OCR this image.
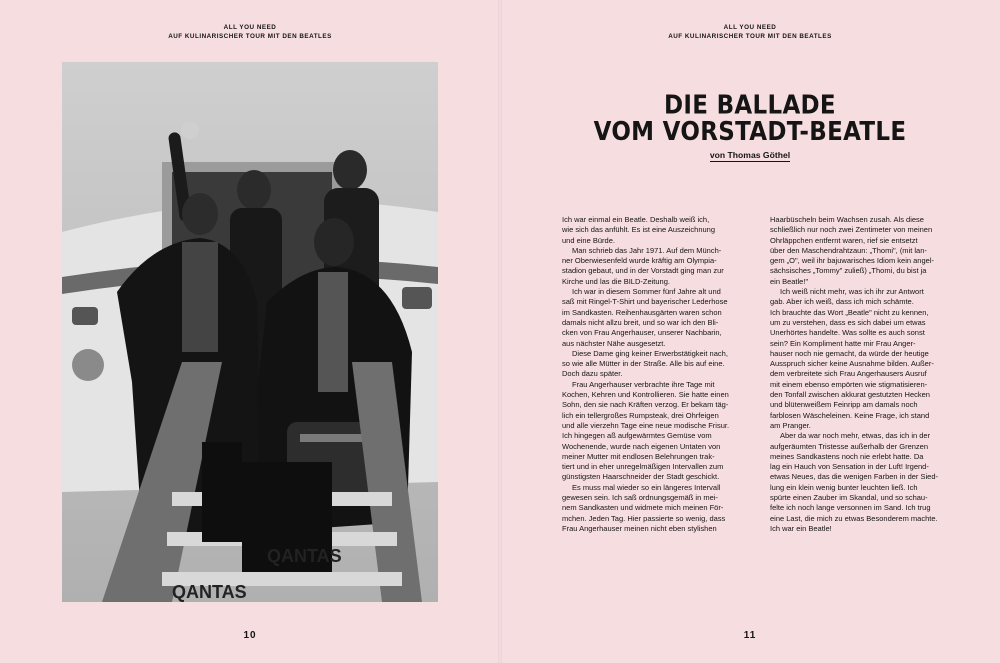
ALL YOU NEED
AUF KULINARISCHER TOUR MIT DEN BEATLES
QANTAS
QANTAS
10
ALL YOU NEED
AUF KULINARISCHER TOUR MIT DEN BEATLES
DIE BALLADE
VOM VORSTADT-BEATLE
von Thomas Göthel
11
Ich war einmal ein Beatle. Deshalb weiß ich,
wie sich das anfühlt. Es ist eine Auszeichnung
und eine Bürde.
Man schrieb das Jahr 1971. Auf dem Münch-
ner Oberwiesenfeld wurde kräftig am Olympia-
stadion gebaut, und in der Vorstadt ging man zur
Kirche und las die BILD-Zeitung.
Ich war in diesem Sommer fünf Jahre alt und
saß mit Ringel-T-Shirt und bayerischer Lederhose
im Sandkasten. Reihenhausgärten waren schon
damals nicht allzu breit, und so war ich den Bli-
cken von Frau Angerhauser, unserer Nachbarin,
aus nächster Nähe ausgesetzt.
Diese Dame ging keiner Erwerbstätigkeit nach,
so wie alle Mütter in der Straße. Alle bis auf eine.
Doch dazu später.
Frau Angerhauser verbrachte ihre Tage mit
Kochen, Kehren und Kontrollieren. Sie hatte einen
Sohn, den sie nach Kräften verzog. Er bekam täg-
lich ein tellergroßes Rumpsteak, drei Ohrfeigen
und alle vierzehn Tage eine neue modische Frisur.
Ich hingegen aß aufgewärmtes Gemüse vom
Wochenende, wurde nach eigenen Untaten von
meiner Mutter mit endlosen Belehrungen trak-
tiert und in eher unregelmäßigen Intervallen zum
günstigsten Haarschneider der Stadt geschickt.
Es muss mal wieder so ein längeres Intervall
gewesen sein. Ich saß ordnungsgemäß in mei-
nem Sandkasten und widmete mich meinen För-
mchen. Jeden Tag. Hier passierte so wenig, dass
Frau Angerhauser meinen nicht eben stylishen
Haarbüscheln beim Wachsen zusah. Als diese
schließlich nur noch zwei Zentimeter von meinen
Ohrläppchen entfernt waren, rief sie entsetzt
über den Maschendrahtzaun: „Thomi", (mit lan-
gem „O", weil ihr bajuwarisches Idiom kein angel-
sächsisches „Tommy" zuließ) „Thomi, du bist ja
ein Beatle!"
Ich weiß nicht mehr, was ich ihr zur Antwort
gab. Aber ich weiß, dass ich mich schämte.
Ich brauchte das Wort „Beatle" nicht zu kennen,
um zu verstehen, dass es sich dabei um etwas
Unerhörtes handelte. Was sollte es auch sonst
sein? Ein Kompliment hatte mir Frau Anger-
hauser noch nie gemacht, da würde der heutige
Ausspruch sicher keine Ausnahme bilden. Außer-
dem verbreitete sich Frau Angerhausers Ausruf
mit einem ebenso empörten wie stigmatisieren-
den Tonfall zwischen akkurat gestutzten Hecken
und blütenweißem Feinripp am damals noch
farblosen Wäscheleinen. Keine Frage, ich stand
am Pranger.
Aber da war noch mehr, etwas, das ich in der
aufgeräumten Tristesse außerhalb der Grenzen
meines Sandkastens noch nie erlebt hatte. Da
lag ein Hauch von Sensation in der Luft! Irgend-
etwas Neues, das die wenigen Farben in der Sied-
lung ein klein wenig bunter leuchten ließ. Ich
spürte einen Zauber im Skandal, und so schau-
felte ich noch lange versonnen im Sand. Ich trug
eine Last, die mich zu etwas Besonderem machte.
Ich war ein Beatle!
